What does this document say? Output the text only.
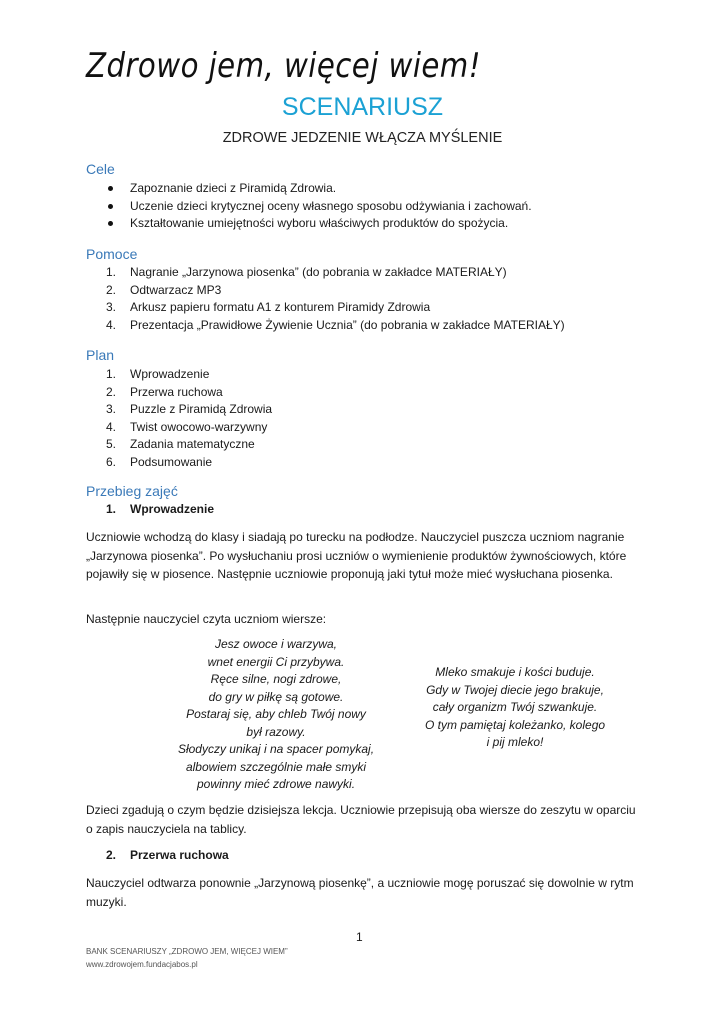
Zdrowo jem, więcej wiem!
SCENARIUSZ
ZDROWE JEDZENIE WŁĄCZA MYŚLENIE
Cele
Zapoznanie dzieci z Piramidą Zdrowia.
Uczenie dzieci krytycznej oceny własnego sposobu odżywiania i zachowań.
Kształtowanie umiejętności wyboru właściwych produktów do spożycia.
Pomoce
1. Nagranie „Jarzynowa piosenka” (do pobrania w zakładce MATERIAŁY)
2. Odtwarzacz MP3
3. Arkusz papieru formatu A1 z konturem Piramidy Zdrowia
4. Prezentacja „Prawidłowe Żywienie Ucznia” (do pobrania w zakładce MATERIAŁY)
Plan
1. Wprowadzenie
2. Przerwa ruchowa
3. Puzzle z Piramidą Zdrowia
4. Twist owocowo-warzywny
5. Zadania matematyczne
6. Podsumowanie
Przebieg zajęć
1. Wprowadzenie

Uczniowie wchodzą do klasy i siadają po turecku na podłodze. Nauczyciel puszcza uczniom nagranie „Jarzynowa piosenka”. Po wysłuchaniu prosi uczniów o wymienienie produktów żywnościowych, które pojawiły się w piosence. Następnie uczniowie proponują jaki tytuł może mieć wysłuchana piosenka.

Następnie nauczyciel czyta uczniom wiersze:

Jesz owoce i warzywa,
wnet energii Ci przybywa.
Ręce silne, nogi zdrowe,
do gry w piłkę są gotowe.
Postaraj się, aby chleb Twój nowy
był razowy.
Słodyczy unikaj i na spacer pomykaj,
albowiem szczególnie małe smyki
powinny mieć zdrowe nawyki.
Mleko smakuje i kości buduje.
Gdy w Twojej diecie jego brakuje,
cały organizm Twój szwankuje.
O tym pamiętaj koleżanko, kolego
i pij mleko!

Dzieci zgadują o czym będzie dzisiejsza lekcja. Uczniowie przepisują oba wiersze do zeszytu w oparciu o zapis nauczyciela na tablicy.

2. Przerwa ruchowa

Nauczyciel odtwarza ponownie „Jarzynową piosenkę”, a uczniowie mogę poruszać się dowolnie w rytm muzyki.

1

BANK SCENARIUSZY „ZDROWO JEM, WIĘCEJ WIEM”
www.zdrowojem.fundacjabos.pl
